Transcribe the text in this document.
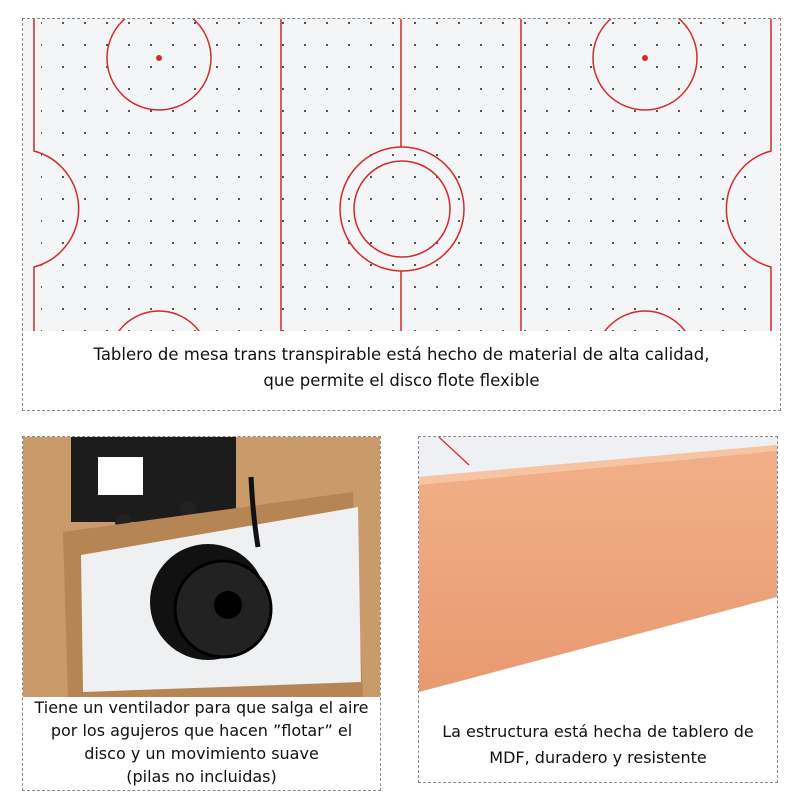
Tablero de mesa trans transpirable está hecho de material de alta calidad,
que permite el disco flote flexible
Tiene un ventilador para que salga el aire
por los agujeros que hacen ”flotar” el
disco y un movimiento suave
(pilas no incluidas)
La estructura está hecha de tablero de
MDF, duradero y resistente
